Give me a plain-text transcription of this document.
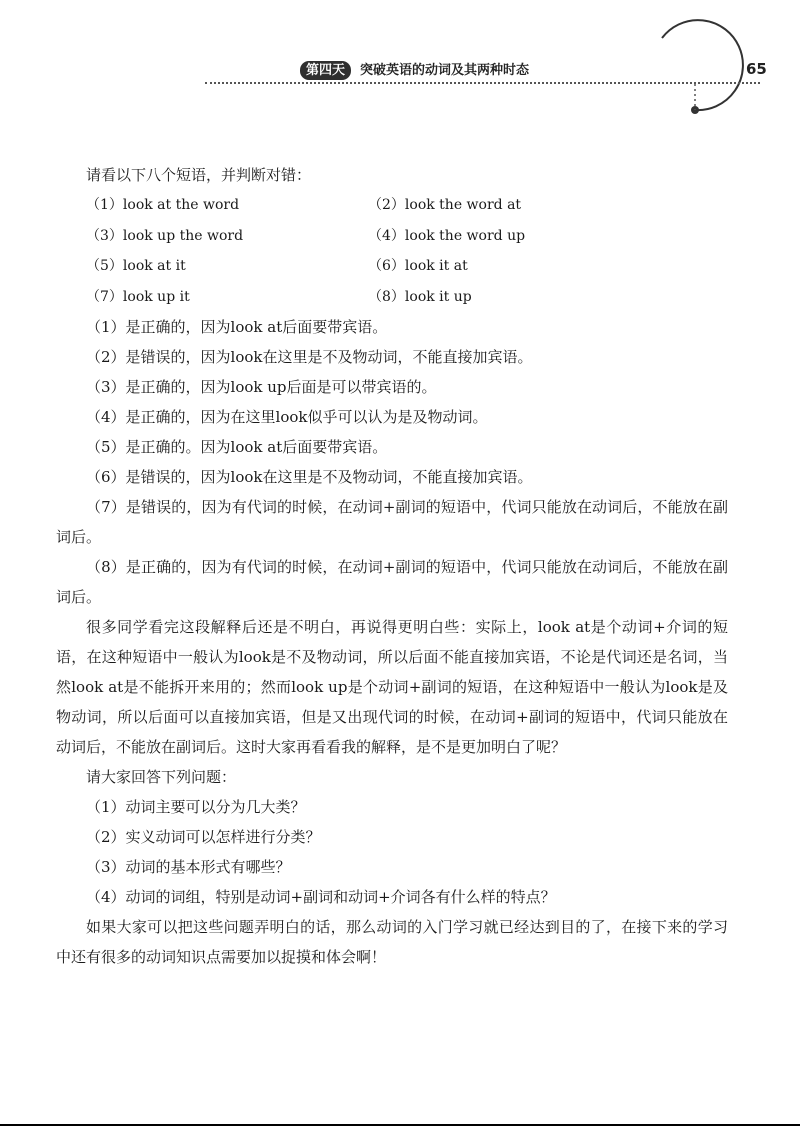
第四天	突破英语的动词及其两种时态	65
请看以下八个短语，并判断对错：
（1）look at the word	（2）look the word at
（3）look up the word	（4）look the word up
（5）look at it	（6）look it at
（7）look up it	（8）look it up
（1）是正确的，因为look at后面要带宾语。
（2）是错误的，因为look在这里是不及物动词，不能直接加宾语。
（3）是正确的，因为look up后面是可以带宾语的。
（4）是正确的，因为在这里look似乎可以认为是及物动词。
（5）是正确的。因为look at后面要带宾语。
（6）是错误的，因为look在这里是不及物动词，不能直接加宾语。
（7）是错误的，因为有代词的时候，在动词+副词的短语中，代词只能放在动词后，不能放在副词后。
（8）是正确的，因为有代词的时候，在动词+副词的短语中，代词只能放在动词后，不能放在副词后。
很多同学看完这段解释后还是不明白，再说得更明白些：实际上，look at是个动词+介词的短语，在这种短语中一般认为look是不及物动词，所以后面不能直接加宾语，不论是代词还是名词，当然look at是不能拆开来用的；然而look up是个动词+副词的短语，在这种短语中一般认为look是及物动词，所以后面可以直接加宾语，但是又出现代词的时候，在动词+副词的短语中，代词只能放在动词后，不能放在副词后。这时大家再看看我的解释，是不是更加明白了呢？
请大家回答下列问题：
（1）动词主要可以分为几大类？
（2）实义动词可以怎样进行分类？
（3）动词的基本形式有哪些？
（4）动词的词组，特别是动词+副词和动词+介词各有什么样的特点？
如果大家可以把这些问题弄明白的话，那么动词的入门学习就已经达到目的了，在接下来的学习中还有很多的动词知识点需要加以捉摸和体会啊！
